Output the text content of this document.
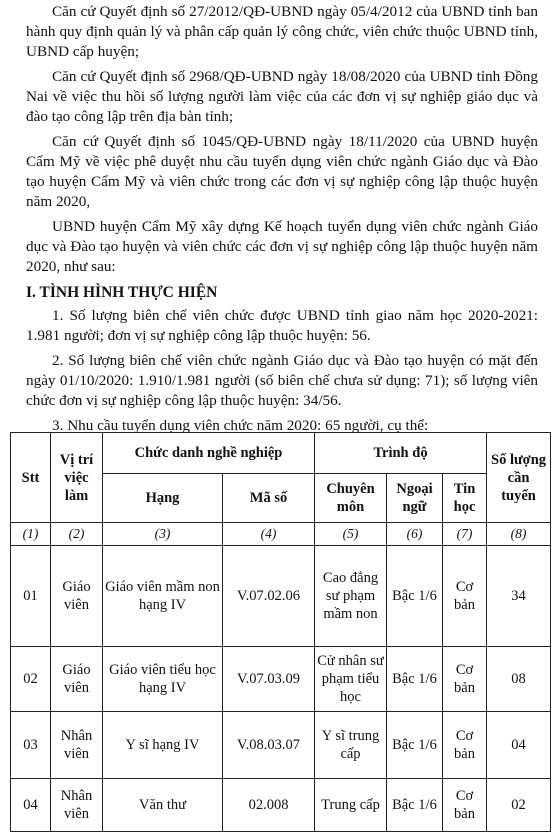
Căn cứ Quyết định số 27/2012/QĐ-UBND ngày 05/4/2012 của UBND tỉnh ban hành quy định quản lý và phân cấp quản lý công chức, viên chức thuộc UBND tỉnh, UBND cấp huyện;

Căn cứ Quyết định số 2968/QĐ-UBND ngày 18/08/2020 của UBND tỉnh Đồng Nai về việc thu hồi số lượng người làm việc của các đơn vị sự nghiệp giáo dục và đào tạo công lập trên địa bàn tỉnh;

Căn cứ Quyết định số 1045/QĐ-UBND ngày 18/11/2020 của UBND huyện Cẩm Mỹ về việc phê duyệt nhu cầu tuyển dụng viên chức ngành Giáo dục và Đào tạo huyện Cẩm Mỹ và viên chức trong các đơn vị sự nghiệp công lập thuộc huyện năm 2020,

UBND huyện Cẩm Mỹ xây dựng Kế hoạch tuyển dụng viên chức ngành Giáo dục và Đào tạo huyện và viên chức các đơn vị sự nghiệp công lập thuộc huyện năm 2020, như sau:

I. TÌNH HÌNH THỰC HIỆN

1. Số lượng biên chế viên chức được UBND tỉnh giao năm học 2020-2021: 1.981 người; đơn vị sự nghiệp công lập thuộc huyện: 56.

2. Số lượng biên chế viên chức ngành Giáo dục và Đào tạo huyện có mặt đến ngày 01/10/2020: 1.910/1.981 người (số biên chế chưa sử dụng: 71); số lượng viên chức đơn vị sự nghiệp công lập thuộc huyện: 34/56.

3. Nhu cầu tuyển dụng viên chức năm 2020: 65 người, cụ thể:

Stt	Vị trí việc làm	Chức danh nghề nghiệp		Trình độ			Số lượng cần tuyển
		Hạng	Mã số	Chuyên môn	Ngoại ngữ	Tin học	
(1)	(2)	(3)	(4)	(5)	(6)	(7)	(8)
01	Giáo viên	Giáo viên mầm non hạng IV	V.07.02.06	Cao đẳng sư phạm mầm non	Bậc 1/6	Cơ bản	34
02	Giáo viên	Giáo viên tiểu học hạng IV	V.07.03.09	Cử nhân sư phạm tiểu học	Bậc 1/6	Cơ bản	08
03	Nhân viên	Y sĩ hạng IV	V.08.03.07	Y sĩ trung cấp	Bậc 1/6	Cơ bản	04
04	Nhân viên	Văn thư	02.008	Trung cấp	Bậc 1/6	Cơ bản	02
